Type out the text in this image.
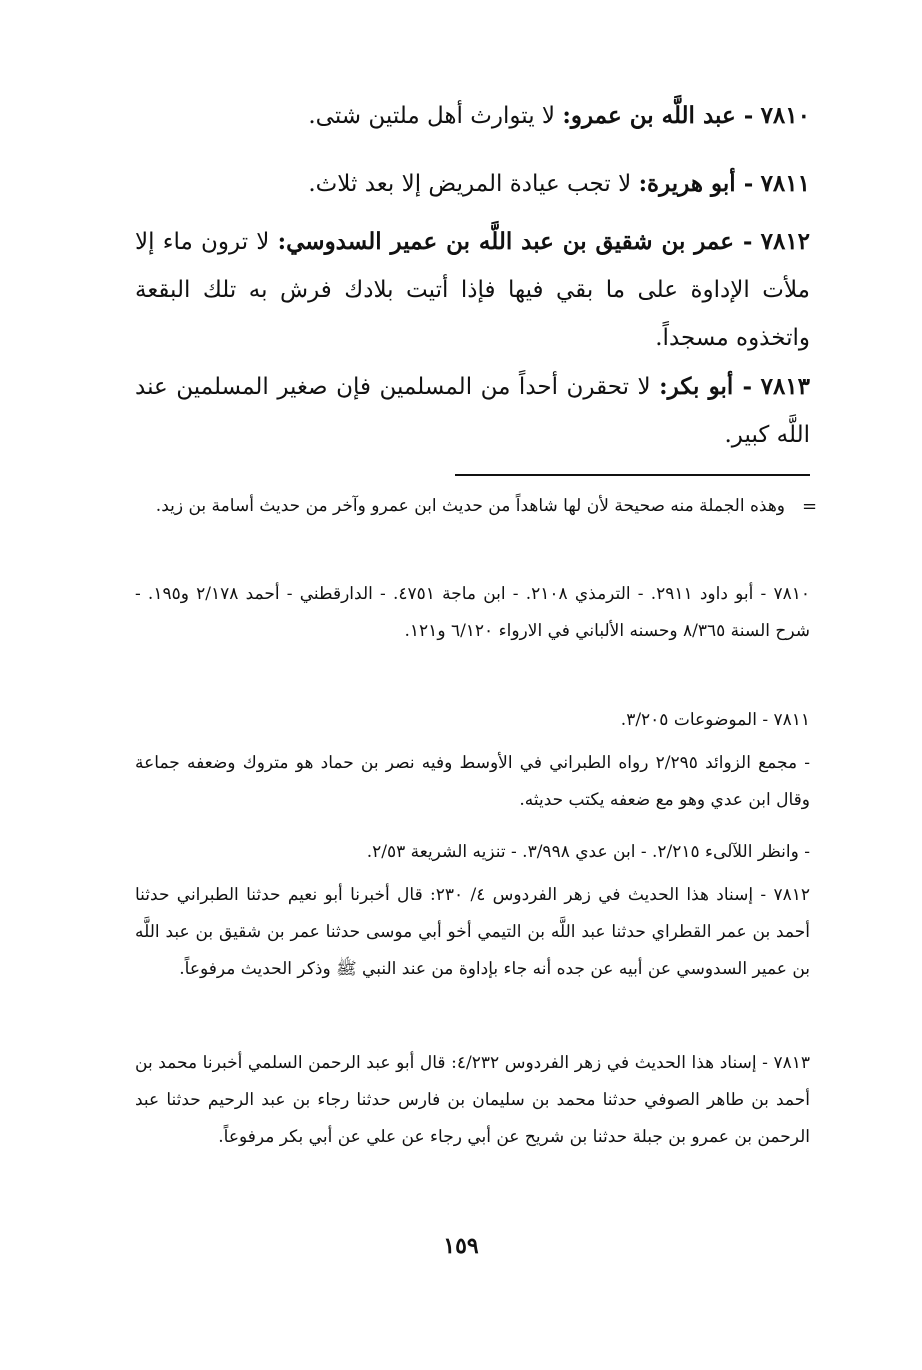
٧٨١٠ - عبد اللَّه بن عمرو: لا يتوارث أهل ملتين شتى.
٧٨١١ - أبو هريرة: لا تجب عيادة المريض إلا بعد ثلاث.
٧٨١٢ - عمر بن شقيق بن عبد اللَّه بن عمير السدوسي: لا ترون ماء إلا ملأت الإداوة على ما بقي فيها فإذا أتيت بلادك فرش به تلك البقعة واتخذوه مسجداً.
٧٨١٣ - أبو بكر: لا تحقرن أحداً من المسلمين فإن صغير المسلمين عند اللَّه كبير.
=
وهذه الجملة منه صحيحة لأن لها شاهداً من حديث ابن عمرو وآخر من حديث أسامة بن زيد.
٧٨١٠ - أبو داود ٢٩١١. - الترمذي ٢١٠٨. - ابن ماجة ٤٧٥١. - الدارقطني - أحمد ٢/١٧٨ و١٩٥. - شرح السنة ٨/٣٦٥ وحسنه الألباني في الارواء ٦/١٢٠ و١٢١.
٧٨١١ - الموضوعات ٣/٢٠٥.
- مجمع الزوائد ٢/٢٩٥ رواه الطبراني في الأوسط وفيه نصر بن حماد هو متروك وضعفه جماعة وقال ابن عدي وهو مع ضعفه يكتب حديثه.
- وانظر اللآلىء ٢/٢١٥. - ابن عدي ٣/٩٩٨. - تنزيه الشريعة ٢/٥٣.
٧٨١٢ - إسناد هذا الحديث في زهر الفردوس ٤/ ٢٣٠: قال أخبرنا أبو نعيم حدثنا الطبراني حدثنا أحمد بن عمر القطراي حدثنا عبد اللَّه بن التيمي أخو أبي موسى حدثنا عمر بن شقيق بن عبد اللَّه بن عمير السدوسي عن أبيه عن جده أنه جاء بإداوة من عند النبي ﷺ وذكر الحديث مرفوعاً.
٧٨١٣ - إسناد هذا الحديث في زهر الفردوس ٤/٢٣٢: قال أبو عبد الرحمن السلمي أخبرنا محمد بن أحمد بن طاهر الصوفي حدثنا محمد بن سليمان بن فارس حدثنا رجاء بن عبد الرحيم حدثنا عبد الرحمن بن عمرو بن جبلة حدثنا بن شريح عن أبي رجاء عن علي عن أبي بكر مرفوعاً.
١٥٩
